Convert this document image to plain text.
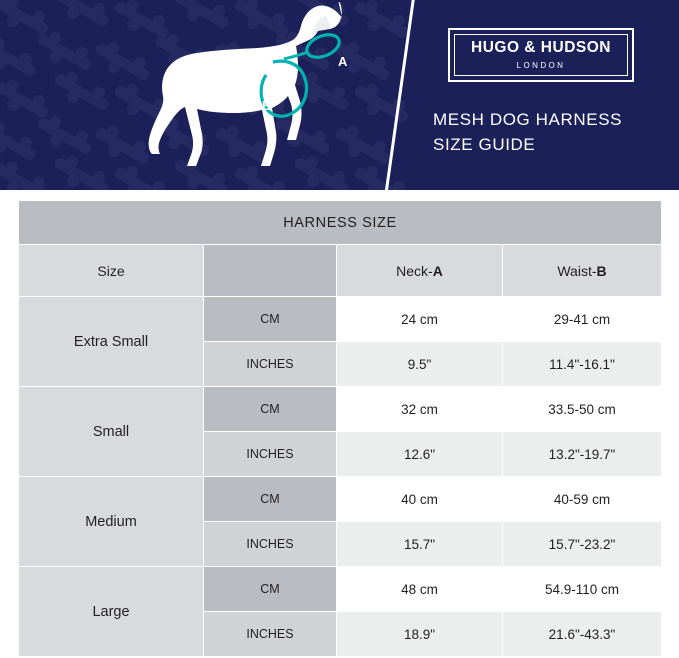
A
B
HUGO & HUDSON
LONDON
MESH DOG HARNESS
SIZE GUIDE
HARNESS SIZE			
Size		Neck-A	Waist-B
Extra Small	CM	24 cm	29-41 cm
	INCHES	9.5"	11.4"-16.1"
Small	CM	32 cm	33.5-50 cm
	INCHES	12.6"	13.2"-19.7"
Medium	CM	40 cm	40-59 cm
	INCHES	15.7"	15.7"-23.2"
Large	CM	48 cm	54.9-110 cm
	INCHES	18.9"	21.6"-43.3"
